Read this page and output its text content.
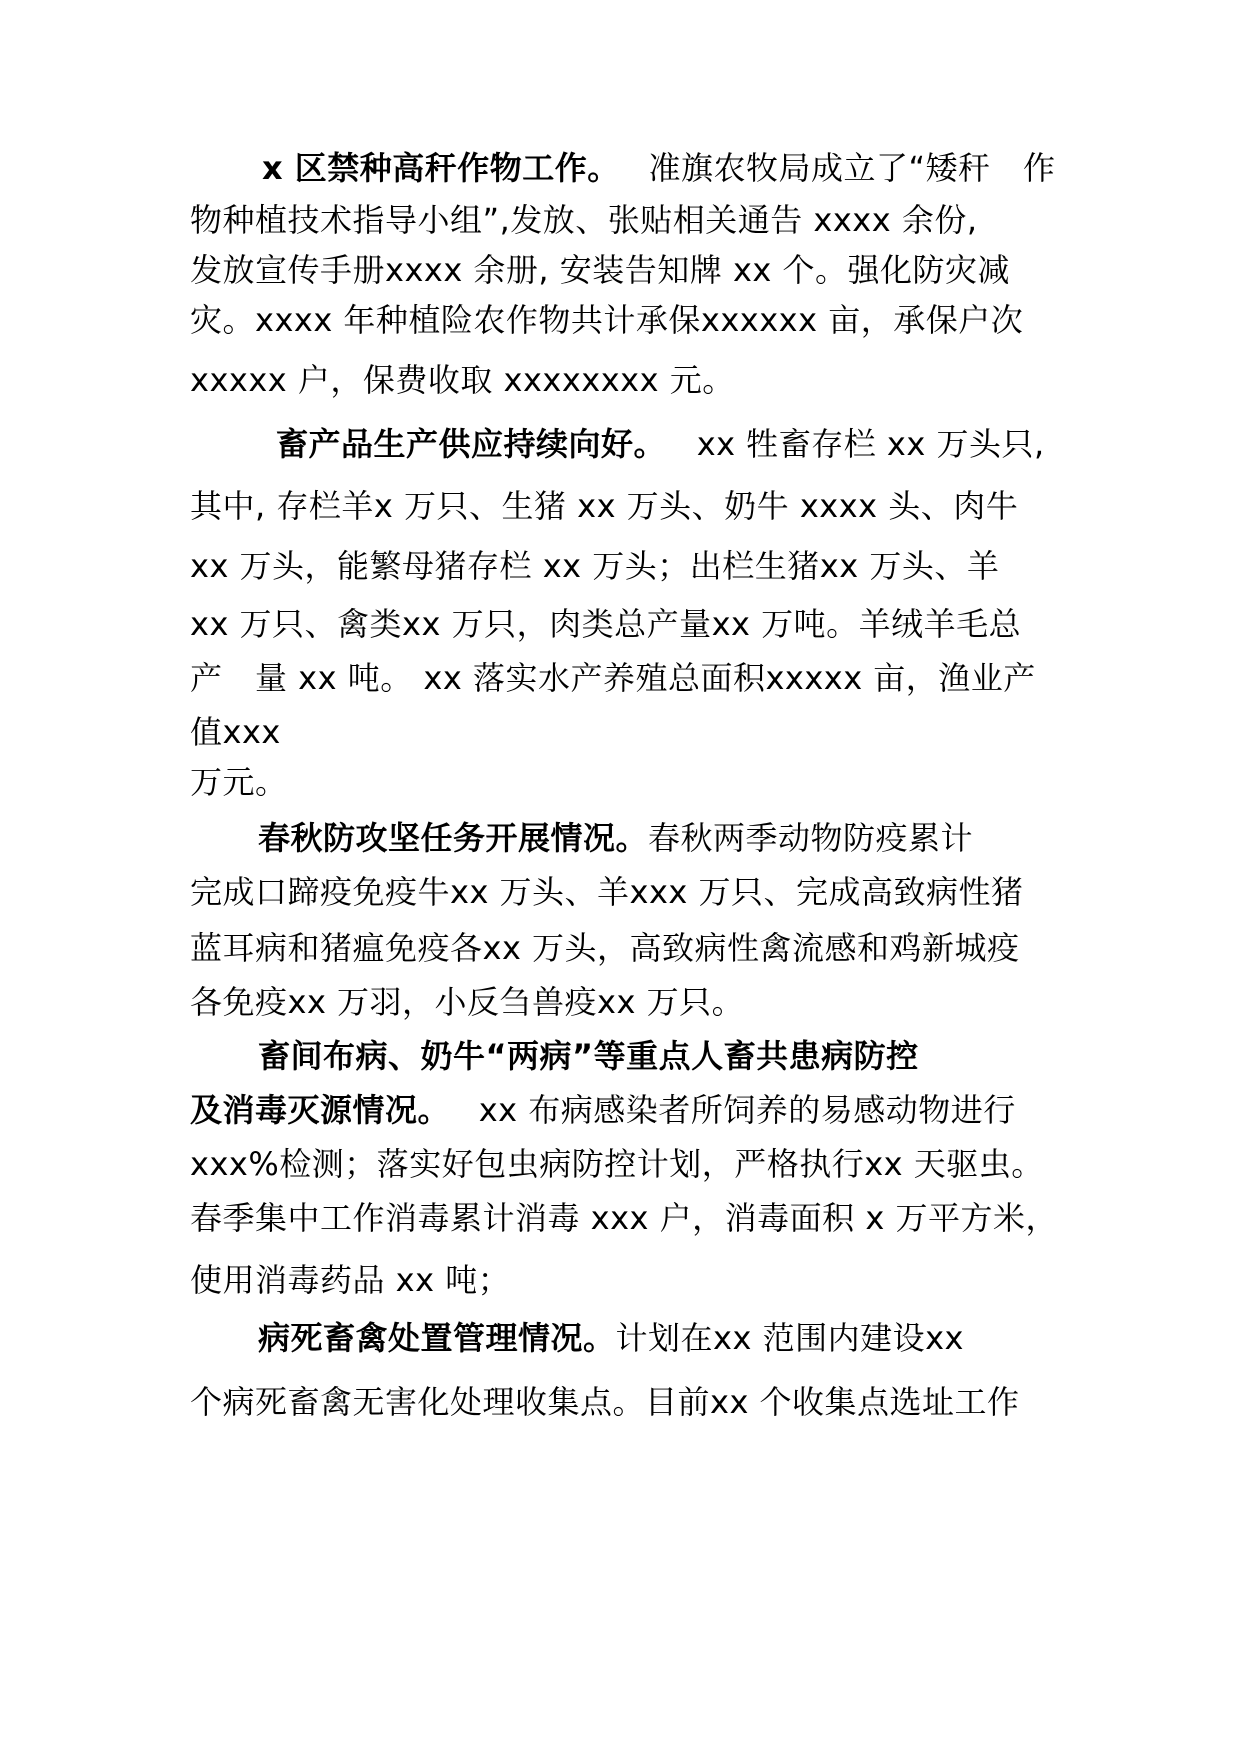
x 区禁种高秆作物工作。 准旗农牧局成立了“矮秆　作
物种植技术指导小组”,发放、张贴相关通告 xxxx 余份,
发放宣传手册xxxx 余册, 安装告知牌 xx 个。强化防灾减
灾。xxxx 年种植险农作物共计承保xxxxxx 亩，承保户次
xxxxx 户，保费收取 xxxxxxxx 元。
畜产品生产供应持续向好。 xx 牲畜存栏 xx 万头只,
其中, 存栏羊x 万只、生猪 xx 万头、奶牛 xxxx 头、肉牛
xx 万头，能繁母猪存栏 xx 万头；出栏生猪xx 万头、羊
xx 万只、禽类xx 万只，肉类总产量xx 万吨。羊绒羊毛总
产　量 xx 吨。 xx 落实水产养殖总面积xxxxx 亩，渔业产
值xxx
万元。
春秋防攻坚任务开展情况。春秋两季动物防疫累计
完成口蹄疫免疫牛xx 万头、羊xxx 万只、完成高致病性猪
蓝耳病和猪瘟免疫各xx 万头，高致病性禽流感和鸡新城疫
各免疫xx 万羽，小反刍兽疫xx 万只。
畜间布病、奶牛“两病”等重点人畜共患病防控
及消毒灭源情况。 xx 布病感染者所饲养的易感动物进行
xxx%检测；落实好包虫病防控计划，严格执行xx 天驱虫。
春季集中工作消毒累计消毒 xxx 户，消毒面积 x 万平方米，
使用消毒药品 xx 吨；
病死畜禽处置管理情况。计划在xx 范围内建设xx
个病死畜禽无害化处理收集点。目前xx 个收集点选址工作
